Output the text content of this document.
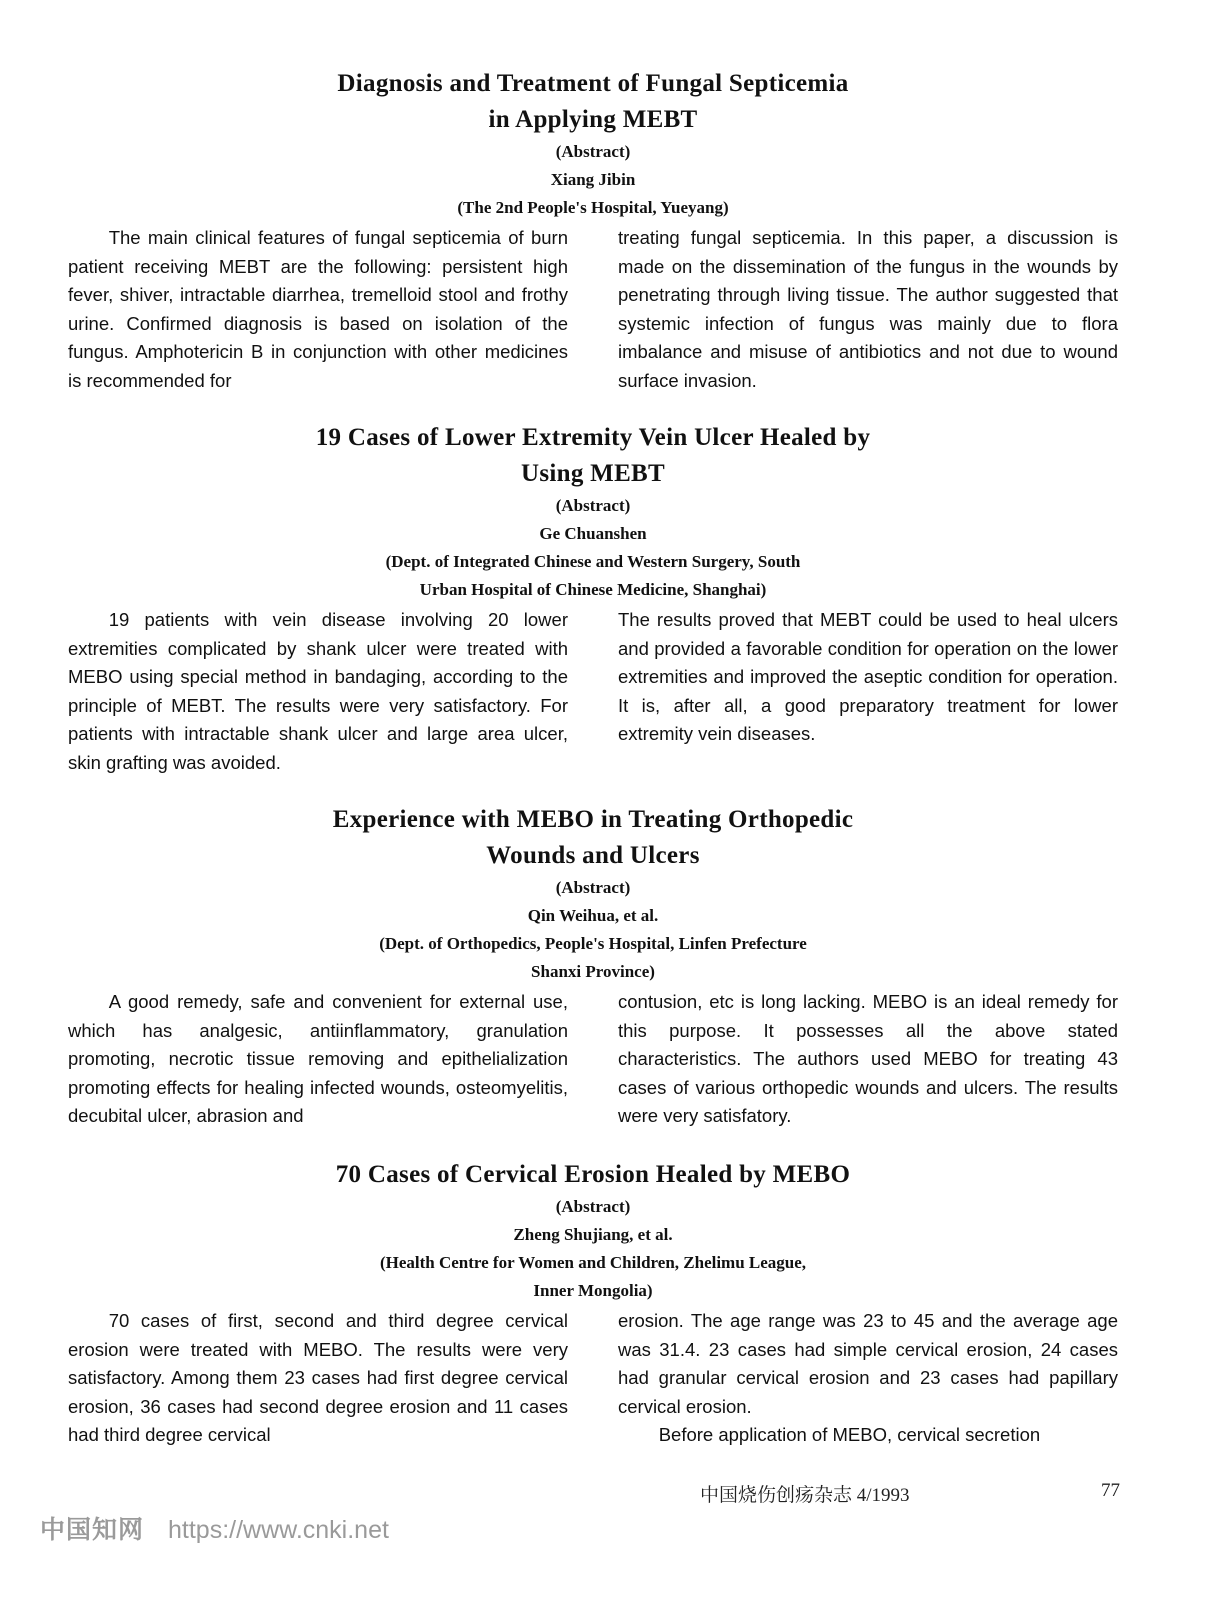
Diagnosis and Treatment of Fungal Septicemia
in Applying MEBT
(Abstract)
Xiang Jibin
(The 2nd People's Hospital, Yueyang)

The main clinical features of fungal septicemia of burn patient receiving MEBT are the following: persistent high fever, shiver, intractable diarrhea, tremelloid stool and frothy urine. Confirmed diagnosis is based on isolation of the fungus. Amphotericin B in conjunction with other medicines is recommended for

treating fungal septicemia. In this paper, a discussion is made on the dissemination of the fungus in the wounds by penetrating through living tissue. The author suggested that systemic infection of fungus was mainly due to flora imbalance and misuse of antibiotics and not due to wound surface invasion.

19 Cases of Lower Extremity Vein Ulcer Healed by
Using MEBT
(Abstract)
Ge Chuanshen
(Dept. of Integrated Chinese and Western Surgery, South
Urban Hospital of Chinese Medicine, Shanghai)

19 patients with vein disease involving 20 lower extremities complicated by shank ulcer were treated with MEBO using special method in bandaging, according to the principle of MEBT. The results were very satisfactory. For patients with intractable shank ulcer and large area ulcer, skin grafting was avoided.

The results proved that MEBT could be used to heal ulcers and provided a favorable condition for operation on the lower extremities and improved the aseptic condition for operation. It is, after all, a good preparatory treatment for lower extremity vein diseases.

Experience with MEBO in Treating Orthopedic
Wounds and Ulcers
(Abstract)
Qin Weihua, et al.
(Dept. of Orthopedics, People's Hospital, Linfen Prefecture
Shanxi Province)

A good remedy, safe and convenient for external use, which has analgesic, antiinflammatory, granulation promoting, necrotic tissue removing and epithelialization promoting effects for healing infected wounds, osteomyelitis, decubital ulcer, abrasion and

contusion, etc is long lacking. MEBO is an ideal remedy for this purpose. It possesses all the above stated characteristics. The authors used MEBO for treating 43 cases of various orthopedic wounds and ulcers. The results were very satisfatory.

70 Cases of Cervical Erosion Healed by MEBO
(Abstract)
Zheng Shujiang, et al.
(Health Centre for Women and Children, Zhelimu League,
Inner Mongolia)

70 cases of first, second and third degree cervical erosion were treated with MEBO. The results were very satisfactory. Among them 23 cases had first degree cervical erosion, 36 cases had second degree erosion and 11 cases had third degree cervical

erosion. The age range was 23 to 45 and the average age was 31.4. 23 cases had simple cervical erosion, 24 cases had granular cervical erosion and 23 cases had papillary cervical erosion.

Before application of MEBO, cervical secretion

中国烧伤创疡杂志 4/1993	77
中国知网 https://www.cnki.net
